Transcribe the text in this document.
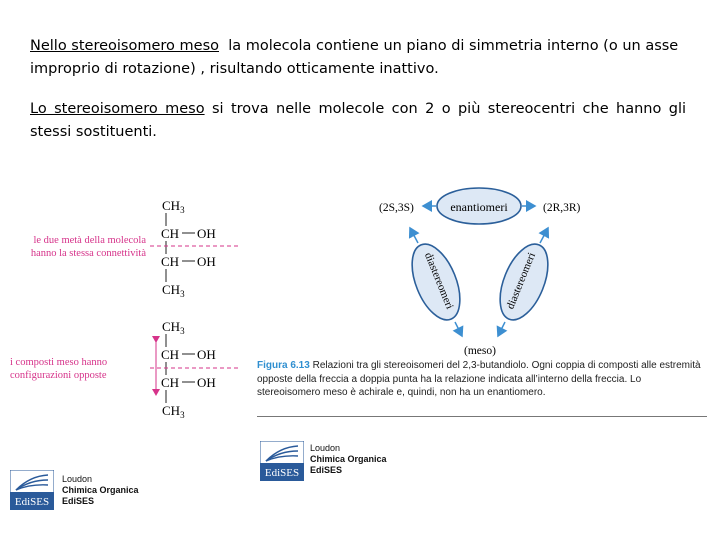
Nello stereoisomero meso  la molecola contiene un piano di simmetria interno (o un asse improprio di rotazione) , risultando otticamente inattivo.
Lo stereoisomero meso si trova nelle molecole con 2 o più stereocentri che hanno gli stessi sostituenti.
$CH_3$
CH OH
CH OH
$CH_3$
le due metà della molecola
hanno la stessa connettività
$CH_3$
CH OH
CH OH
$CH_3$
i composti meso hanno
configurazioni opposte
enantiomeri
(2S,3S)	(2R,3R)
diastereomeri	diastereomeri
(meso)
Figura 6.13 Relazioni tra gli stereoisomeri del 2,3-butandiolo. Ogni coppia di composti alle estremità opposte della freccia a doppia punta ha la relazione indicata all’interno della freccia. Lo stereoisomero meso è achirale e, quindi, non ha un enantiomero.
EdiSES
Loudon
Chimica Organica
EdiSES
EdiSES
Loudon
Chimica Organica
EdiSES
